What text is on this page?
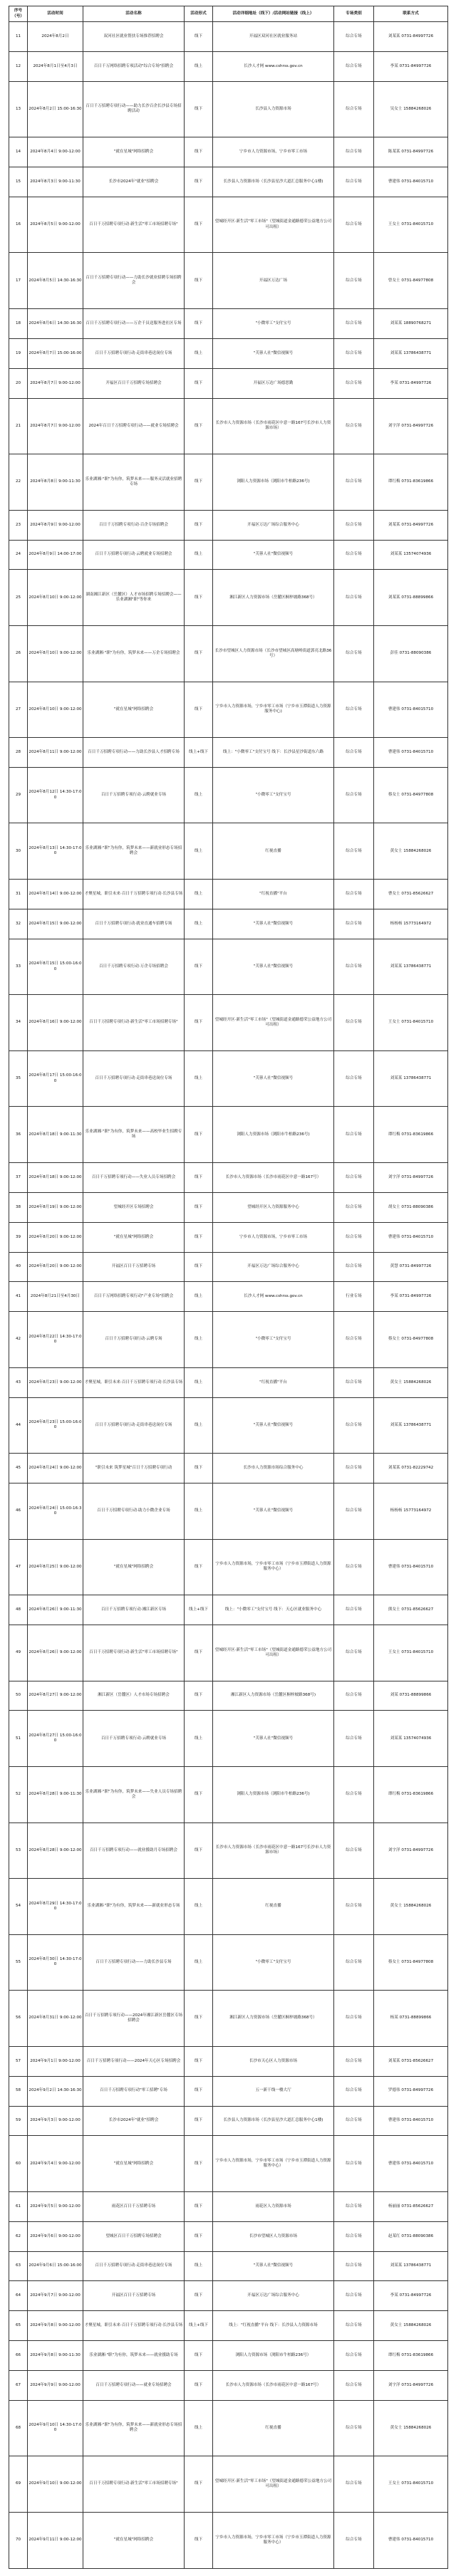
序号（号）	活动时间	活动名称	活动形式	活动详细地址（线下）/活动网站链接（线上）	专场类别	联系方式
11	2024年8月2日	双河社区就业帮扶专场推荐招聘会	线下	开福区双河社区就业服务站	综合专场	刘某某 0731-84997726
12	2024年8月1日至4月3日	百日千万网络招聘专项活动"综合专场"招聘会	线上	长沙人才网 www.cshrss.gov.cn	综合专场	李某 0731-84997726
13	2024年8月2日 15:00-16:30	百日千万招聘专项行动——助力长沙百企长沙县专场招聘活动	线下	长沙县人力资源市场	综合专场	吴女士 15884268026
14	2024年8月4日 9:00-12:00	"就在星城"网络招聘会	线下	宁乡市人力资源市场，宁乡市零工市场	综合专场	陈某某 0731-84997726
15	2024年8月3日 9:00-11:30	长沙市2024年"就业"招聘会	线下	长沙县人力资源市场（长沙县星沙大道汇总服务中心1楼)	综合专场	曹建伟 0731-84015710
16	2024年8月5日 9:00-12:00	百日千万招聘专项行动·新生活"零工市场招聘专场"	线下	望城经开区·新生活"零工市场"（望城街道金通路德荣公益地方公司可出租）	综合专场	王女士 0731-84015710
17	2024年8月5日 14:30-16:30	百日千万招聘专项行动——力助长沙就业招聘专场招聘会	线下	开福区万达广场	综合专场	曾女士 0731-84977808
18	2024年8月6日 14:30-16:30	百日千万招聘专项行动——万企千员送服务进社区专场	线下	"小微零工"支付宝号	综合专场	刘某某 18890768271
19	2024年8月7日 15:00-16:00	百日千万招聘专项行动·走街串巷送岗位专场	线上	"芙蓉人社"微信视频号	综合专场	刘某某 13786438771
20	2024年8月7日 9:00-12:00	开福区百日千万招聘专场招聘会	线下	开福区万达广场德思勤	综合专场	李某 0731-84997726
21	2024年8月7日 9:00-12:00	2024年百日千万招聘专项行动——就业专场招聘会	线下	长沙市人力资源市场（长沙市雨花区中意一路167号长沙市人力资源市场）	综合专场	刘宇洋 0731-84997726
22	2024年8月8日 9:00-11:30	乐业湖湘·"职"为有你，筑梦未来——服务灵活就业招聘专场	线下	浏阳人力资源市场（浏阳市牛柏路236号)	综合专场	谭红梅 0731-83619866
23	2024年8月9日 9:00-12:00	百日千万招聘专项行动·百企专场招聘会	线下	开福区万达广场综合服务中心	综合专场	刘某某 0731-84997726
24	2024年8月9日 14:00-17:00	百日千万招聘专项行动·云聘就业专场招聘会	线上	"芙蓉人社"微信视频号	综合专场	刘某某 13574074936
25	2024年8月10日 9:00-12:00	湖南湘江新区（岳麓区）人才市场招聘专场招聘会——乐业湖湘"职"等你来	线下	湘江新区人力资源市场（岳麓区桐梓坡路368号）	综合专场	刘某某 0731-88899866
26	2024年8月10日 9:00-12:00	乐业湖湘·"职"为有你，筑梦未来——万企专场招聘会	线下	长沙市望城区人力资源市场（长沙市望城区高塘岭街道郭亮北路36号）	综合专场	彭佳 0731-88090386
27	2024年8月10日 9:00-12:00	"就在星城"网络招聘会	线下	宁乡市人力资源市场，宁乡市零工市场（宁乡市玉潭街道人力资源服务中心)	综合专场	曹建伟 0731-84015710
28	2024年8月11日 9:00-12:00	百日千万招聘专项行动——力助长沙县人才招聘专场	线上+线下	线上："小微零工"支付宝号 线下：长沙县星沙街道东六路	综合专场	曹建伟 0731-84015710
29	2024年8月12日 14:30-17:00	百日千万招聘专项行动·云聘就业专场	线上	"小微零工"支付宝号	综合专场	蔡女士 0731-84977808
30	2024年8月13日 14:30-17:00	乐业湖湘·"职"为有你，筑梦未来——新就业形态专场招聘会	线上	红视直播	综合专场	黄女士 15884268026
31	2024年8月14日 9:00-12:00	才聚星城，职引未来·百日千万招聘专项行动·长沙县专场	线上	"红视直播"平台	综合专场	曹女士 0731-85626627
32	2024年8月15日 9:00-12:00	百日千万招聘专项行动·就业直通车招聘专场	线上	"芙蓉人社"微信视频号	综合专场	杨杨杨 15773164972
33	2024年8月15日 15:00-16:00	百日千万招聘专项行动·万企专场招聘会	线下	"芙蓉人社"微信视频号	综合专场	刘某某 13786438771
34	2024年8月16日 9:00-12:00	百日千万招聘专项行动·新生活"零工市场招聘专场"	线下	望城经开区·新生活"零工市场"（望城街道金通路德荣公益地方公司可出租）	综合专场	王女士 0731-84015710
35	2024年8月17日 15:00-16:00	百日千万招聘专项行动·走街串巷送岗位专场	线上	"芙蓉人社"微信视频号	综合专场	刘某某 13786438771
36	2024年8月18日 9:00-11:30	乐业湖湘·"职"为有你，筑梦未来——高校毕业生招聘专场	线下	浏阳人力资源市场（浏阳市牛柏路236号)	综合专场	谭红梅 0731-83619866
37	2024年8月18日 9:00-12:00	百日千万招聘专项行动——失业人员专场招聘会	线下	长沙市人力资源市场（长沙市雨花区中意一路167号）	综合专场	刘宇洋 0731-84997726
38	2024年8月19日 9:00-12:00	望城经开区专场招聘会	线下	望城经开区人力资源服务中心	综合专场	胡女士 0731-88090386
39	2024年8月20日 9:00-12:00	"就在星城"网络招聘会	线下	宁乡市人力资源市场，宁乡市零工市场	综合专场	曹建伟 0731-84015710
40	2024年8月20日 9:00-12:00	开福区百日千万招聘专场	线下	开福区万达广场综合服务中心	综合专场	黄慧 0731-84997726
41	2024年8月21日至4月30日	百日千万网络招聘专项行动"产业专场"招聘会	线上	长沙人才网 www.cshrss.gov.cn	行业专场	李某 0731-84997726
42	2024年8月22日 14:30-17:00	百日千万招聘专项行动·云聘专场	线上	"小微零工"支付宝号	综合专场	蔡女士 0731-84977808
43	2024年8月23日 9:00-12:00	才聚星城，职引未来·百日千万招聘专项行动·长沙县专场	线上	"红视直播"平台	综合专场	黄女士 15884268026
44	2024年8月23日 15:00-16:00	百日千万招聘专项行动·走街串巷送岗位专场	线上	"芙蓉人社"微信视频号	综合专场	刘某某 13786438771
45	2024年8月24日 9:00-12:00	"职引未来 筑梦星城"百日千万招聘专项行动	线下	长沙市人力资源市场综合服务中心	综合专场	刘某某 0731-82229742
46	2024年8月24日 15:00-16:30	百日千万招聘专项行动·助力小微企业专场	线上	"芙蓉人社"微信视频号	综合专场	杨杨杨 15773164972
47	2024年8月25日 9:00-12:00	"就在星城"网络招聘会	线下	宁乡市人力资源市场，宁乡市零工市场（宁乡市玉潭街道人力资源服务中心）	综合专场	曹建伟 0731-84015710
48	2024年8月26日 9:00-11:30	百日千万招聘专项行动·湘江新区专场	线上+线下	线上："小微零工"支付宝号 线下：天心区就业服务中心	综合专场	熊女士 0731-85626627
49	2024年8月26日 9:00-12:00	百日千万招聘专项行动·新生活"零工市场招聘专场"	线下	望城经开区·新生活"零工市场"（望城街道金通路德荣公益地方公司可出租）	综合专场	王女士 0731-84015710
50	2024年8月27日 9:00-12:00	湘江新区（岳麓区）人才市场专场招聘会	线下	湘江新区人力资源市场（岳麓区桐梓坡路368号)	综合专场	刘某 0731-88899866
51	2024年8月27日 15:00-16:00	百日千万招聘专项行动·云聘就业专场	线上	"芙蓉人社"微信视频号	综合专场	刘某某 13574074936
52	2024年8月28日 9:00-11:30	乐业湖湘·"职"为有你，筑梦未来——失业人员专场招聘会	线下	浏阳人力资源市场（浏阳市牛柏路236号)	综合专场	谭红梅 0731-83619866
53	2024年8月28日 9:00-12:00	百日千万招聘专项行动——就业援助月专场招聘会	线下	长沙市人力资源市场（长沙市雨花区中意一路167号长沙市人力资源市场）	综合专场	刘宇洋 0731-84997726
54	2024年8月29日 14:30-17:00	乐业湖湘·"职"为有你，筑梦未来——新就业形态专场	线上	红视直播	综合专场	黄女士 15884268026
55	2024年8月30日 14:30-17:00	百日千万招聘专项行动——力助长沙县专场	线上	"小微零工"支付宝号	综合专场	蔡女士 0731-84977808
56	2024年8月31日 9:00-12:00	百日千万招聘专项行动——2024年湘江新区岳麓区专场招聘会	线下	湘江新区人力资源市场（岳麓区桐梓坡路368号）	综合专场	杨某 0731-88899866
57	2024年9月1日 9:00-12:00	百日千万招聘专项行动——2024年天心区专场招聘会	线下	长沙市天心区人力资源市场	综合专场	刘某某 0731-85626627
58	2024年9月2日 14:30-16:30	百日千万招聘专项行动"零工招聘"专场	线下	五一新干线一楼大厅	综合专场	罗德伟 0731-84997726
59	2024年9月3日 9:00-12:00	长沙市2024年"就业"招聘会	线下	长沙县人力资源市场（长沙县星沙大道汇总服务中心1楼)	综合专场	曹建伟 0731-84015710
60	2024年9月4日 9:00-12:00	"就在星城"网络招聘会	线下	宁乡市人力资源市场，宁乡市零工市场（宁乡市玉潭街道人力资源服务中心）	综合专场	曹建伟 0731-84015710
61	2024年9月5日 9:00-12:00	雨花区百日千万招聘专场	线下	雨花区人力资源市场	综合专场	杨丽丽 0731-85626627
62	2024年9月6日 9:00-12:00	望城区百日千万招聘专场招聘会	线下	长沙市望城区人力资源市场	综合专场	赵某红 0731-88090386
63	2024年9月6日 15:00-16:00	百日千万招聘专项行动·走街串巷送岗位专场	线上	"芙蓉人社"微信视频号	综合专场	刘某某 13786438771
64	2024年9月7日 9:00-12:00	开福区百日千万招聘专场	线下	开福区万达广场综合服务中心	综合专场	李某 0731-84997726
65	2024年9月8日 9:00-12:00	才聚星城，职引未来·百日千万招聘专项行动·长沙县专场	线上+线下	线上："红视直播"平台 线下：长沙县人力资源市场	综合专场	黄女士 15884268026
66	2024年9月8日 9:00-11:30	乐业湖湘·"职"为有你，筑梦未来——就业援助专场	线下	浏阳人力资源市场（浏阳市牛柏路236号）	综合专场	谭红梅 0731-83619866
67	2024年9月9日 9:00-12:00	百日千万招聘专项行动——就业专场招聘会	线下	长沙市人力资源市场（长沙市雨花区中意一路167号）	综合专场	刘宇洋 0731-84997726
68	2024年9月10日 14:30-17:00	乐业湖湘·"职"为有你，筑梦未来——新就业形态专场招聘会	线上	红视直播	综合专场	黄女士 15884268026
69	2024年9月10日 9:00-12:00	百日千万招聘专项行动·新生活"零工市场招聘专场"	线下	望城经开区·新生活"零工市场"（望城街道金通路德荣公益地方公司可出租）	综合专场	王女士 0731-84015710
70	2024年9月11日 9:00-12:00	"就在星城"网络招聘会	线下	宁乡市人力资源市场，宁乡市零工市场（宁乡市玉潭街道人力资源服务中心）	综合专场	曹建伟 0731-84015710
